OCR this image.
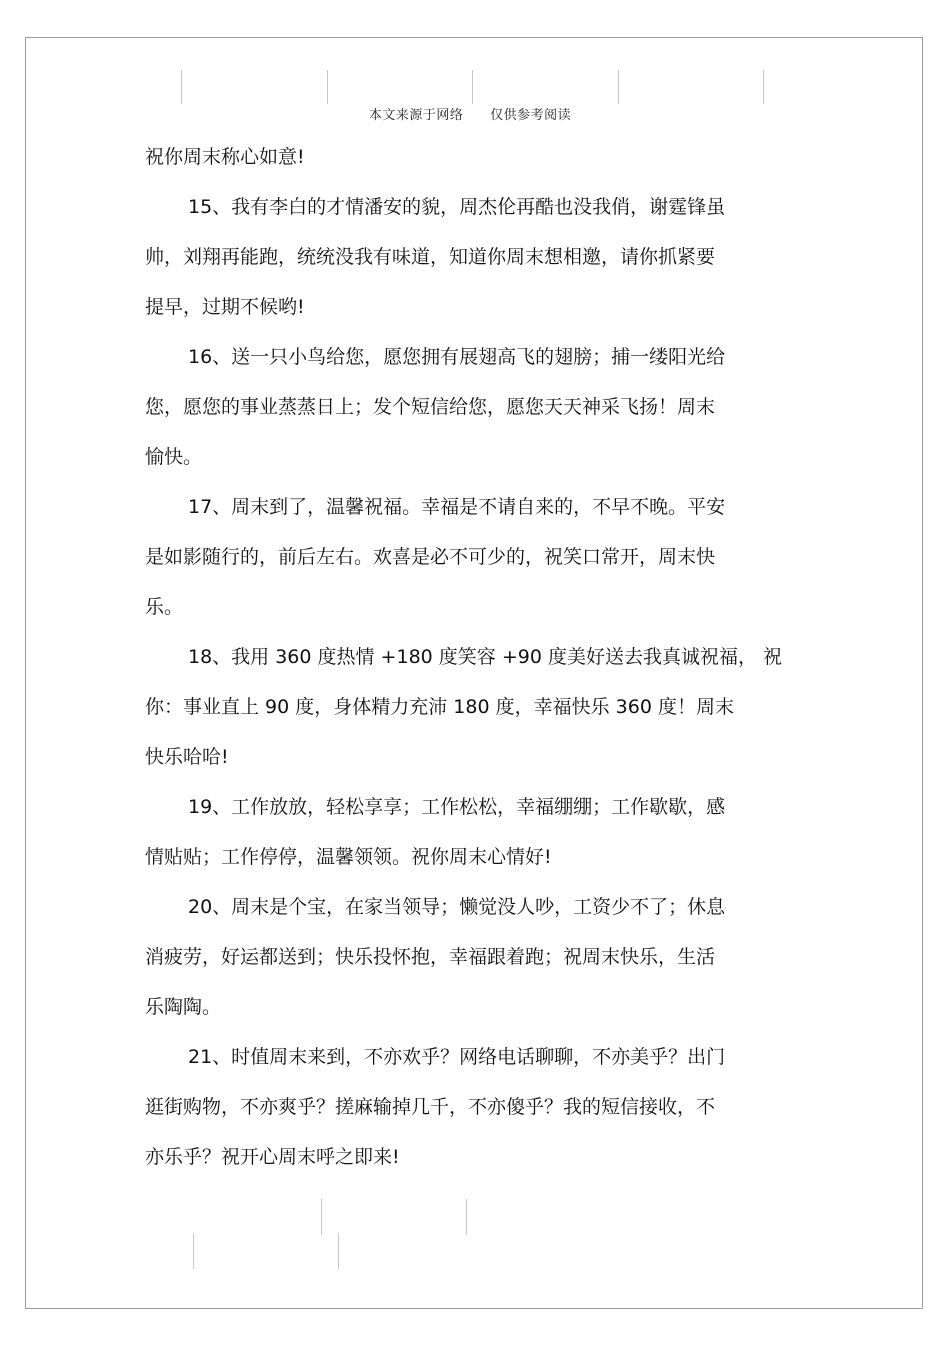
本文来源于网络 仅供参考阅读
祝你周末称心如意!
15、我有李白的才情潘安的貌，周杰伦再酷也没我俏，谢霆锋虽
帅，刘翔再能跑，统统没我有味道，知道你周末想相邀，请你抓紧要
提早，过期不候哟!
16、送一只小鸟给您，愿您拥有展翅高飞的翅膀；捕一缕阳光给
您，愿您的事业蒸蒸日上；发个短信给您，愿您天天神采飞扬！周末
愉快。
17、周末到了，温馨祝福。幸福是不请自来的，不早不晚。平安
是如影随行的，前后左右。欢喜是必不可少的，祝笑口常开，周末快
乐。
18、我用 360 度热情 +180 度笑容 +90 度美好送去我真诚祝福， 祝
你：事业直上 90 度，身体精力充沛 180 度，幸福快乐 360 度！周末
快乐哈哈!
19、工作放放，轻松享享；工作松松，幸福绷绷；工作歇歇，感
情贴贴；工作停停，温馨领领。祝你周末心情好!
20、周末是个宝，在家当领导；懒觉没人吵，工资少不了；休息
消疲劳，好运都送到；快乐投怀抱，幸福跟着跑；祝周末快乐，生活
乐陶陶。
21、时值周末来到，不亦欢乎？网络电话聊聊，不亦美乎？出门
逛街购物，不亦爽乎？搓麻输掉几千，不亦傻乎？我的短信接收，不
亦乐乎？祝开心周末呼之即来!
